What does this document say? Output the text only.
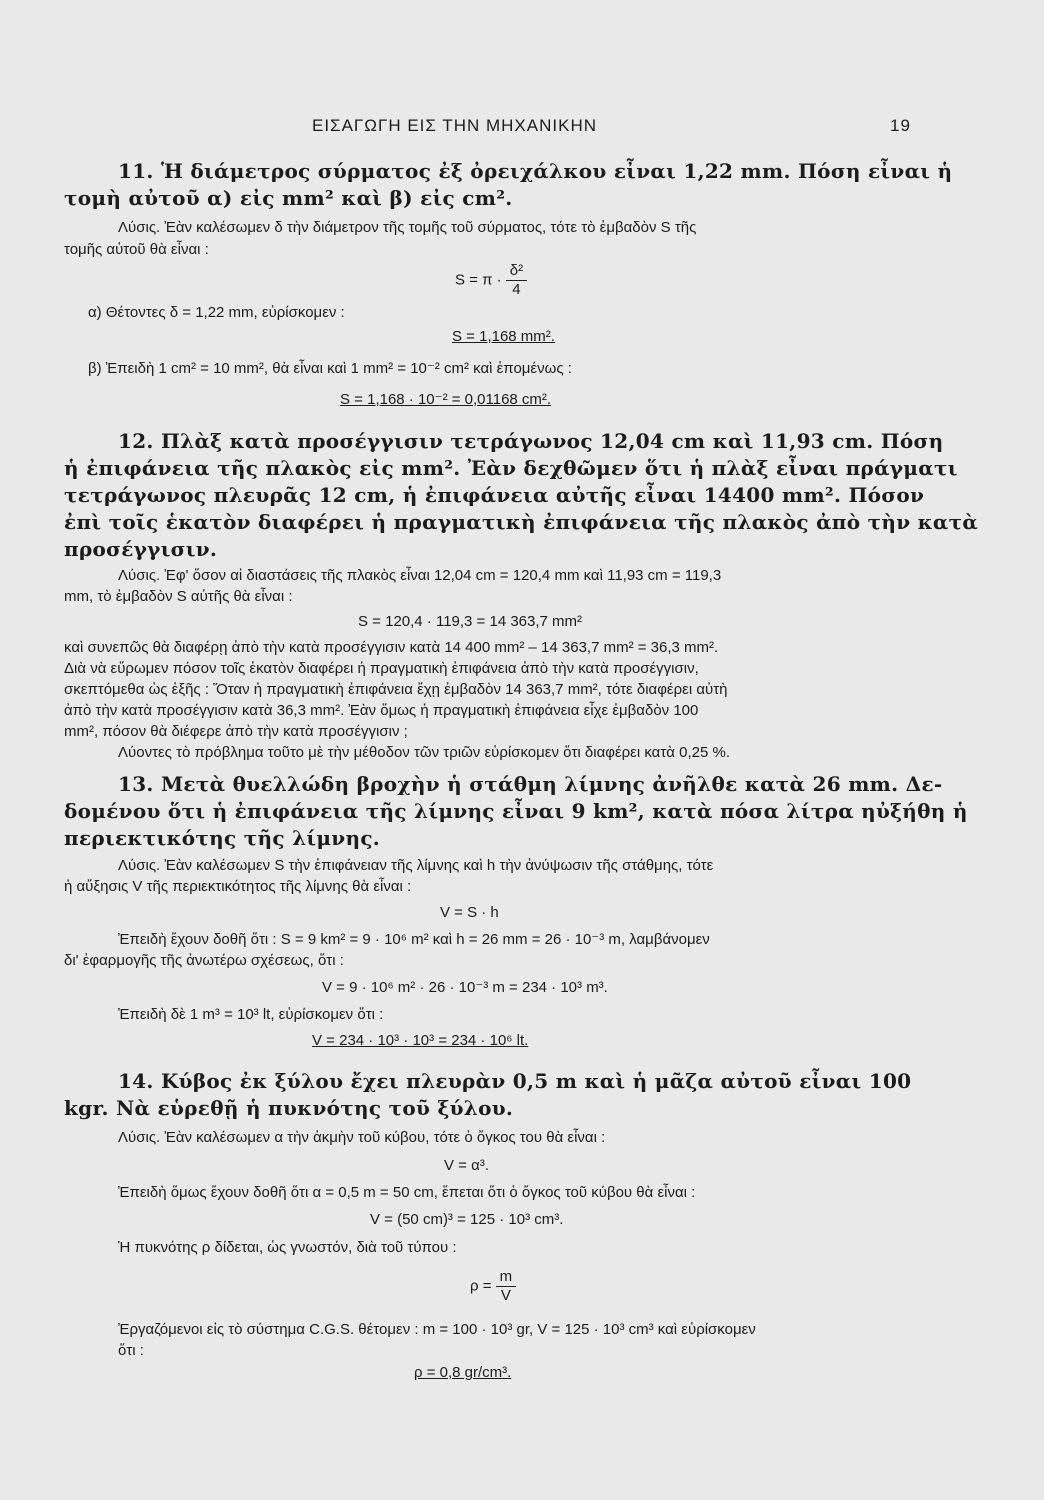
ΕΙΣΑΓΩΓΗ ΕΙΣ ΤΗΝ ΜΗΧΑΝΙΚΗΝ	19
11. Ἡ διάμετρος σύρματος ἐξ ὀρειχάλκου εἶναι 1,22 mm. Πόση εἶναι ἡ
τομὴ αὐτοῦ α) εἰς mm² καὶ β) εἰς cm².
Λύσις. Ἐὰν καλέσωμεν δ τὴν διάμετρον τῆς τομῆς τοῦ σύρματος, τότε τὸ ἐμβαδὸν S τῆς
τομῆς αὐτοῦ θὰ εἶναι :
$S = \pi \cdot \frac{\text{δ²}}{4}$
α) Θέτοντες δ = 1,22 mm, εὑρίσκομεν :
S = 1,168 mm².
β) Ἐπειδὴ 1 cm² = 10 mm², θὰ εἶναι καὶ 1 mm² = 10⁻² cm² καὶ ἑπομένως :
S = 1,168 · 10⁻² = 0,01168 cm².
12. Πλὰξ κατὰ προσέγγισιν τετράγωνος 12,04 cm καὶ 11,93 cm. Πόση
ἡ ἐπιφάνεια τῆς πλακὸς εἰς mm². Ἐὰν δεχθῶμεν ὅτι ἡ πλὰξ εἶναι πράγματι
τετράγωνος πλευρᾶς 12 cm, ἡ ἐπιφάνεια αὐτῆς εἶναι 14400 mm². Πόσον
ἐπὶ τοῖς ἑκατὸν διαφέρει ἡ πραγματικὴ ἐπιφάνεια τῆς πλακὸς ἀπὸ τὴν κατὰ
προσέγγισιν.
Λύσις. Ἐφ' ὅσον αἱ διαστάσεις τῆς πλακὸς εἶναι 12,04 cm = 120,4 mm καὶ 11,93 cm = 119,3
mm, τὸ ἐμβαδὸν S αὐτῆς θὰ εἶναι :
S = 120,4 · 119,3 = 14 363,7 mm²
καὶ συνεπῶς θὰ διαφέρῃ ἀπὸ τὴν κατὰ προσέγγισιν κατὰ 14 400 mm² – 14 363,7 mm² = 36,3 mm².
Διὰ νὰ εὕρωμεν πόσον τοῖς ἑκατὸν διαφέρει ἡ πραγματικὴ ἐπιφάνεια ἀπὸ τὴν κατὰ προσέγγισιν,
σκεπτόμεθα ὡς ἑξῆς : Ὅταν ἡ πραγματικὴ ἐπιφάνεια ἔχῃ ἐμβαδὸν 14 363,7 mm², τότε διαφέρει αὐτὴ
ἀπὸ τὴν κατὰ προσέγγισιν κατὰ 36,3 mm². Ἐὰν ὅμως ἡ πραγματικὴ ἐπιφάνεια εἶχε ἐμβαδὸν 100
mm², πόσον θὰ διέφερε ἀπὸ τὴν κατὰ προσέγγισιν ;
Λύοντες τὸ πρόβλημα τοῦτο μὲ τὴν μέθοδον τῶν τριῶν εὑρίσκομεν ὅτι διαφέρει κατὰ 0,25 %.
13. Μετὰ θυελλώδη βροχὴν ἡ στάθμη λίμνης ἀνῆλθε κατὰ 26 mm. Δε-
δομένου ὅτι ἡ ἐπιφάνεια τῆς λίμνης εἶναι 9 km², κατὰ πόσα λίτρα ηὐξήθη ἡ
περιεκτικότης τῆς λίμνης.
Λύσις. Ἐὰν καλέσωμεν S τὴν ἐπιφάνειαν τῆς λίμνης καὶ h τὴν ἀνύψωσιν τῆς στάθμης, τότε
ἡ αὔξησις V τῆς περιεκτικότητος τῆς λίμνης θὰ εἶναι :
V = S · h
Ἐπειδὴ ἔχουν δοθῆ ὅτι : S = 9 km² = 9 · 10⁶ m² καὶ h = 26 mm = 26 · 10⁻³ m, λαμβάνομεν
δι' ἐφαρμογῆς τῆς ἀνωτέρω σχέσεως, ὅτι :
V = 9 · 10⁶ m² · 26 · 10⁻³ m = 234 · 10³ m³.
Ἐπειδὴ δὲ 1 m³ = 10³ lt, εὑρίσκομεν ὅτι :
V = 234 · 10³ · 10³ = 234 · 10⁶ lt.
14. Κύβος ἐκ ξύλου ἔχει πλευρὰν 0,5 m καὶ ἡ μᾶζα αὐτοῦ εἶναι 100
kgr. Νὰ εὑρεθῇ ἡ πυκνότης τοῦ ξύλου.
Λύσις. Ἐὰν καλέσωμεν α τὴν ἀκμὴν τοῦ κύβου, τότε ὁ ὄγκος του θὰ εἶναι :
V = α³.
Ἐπειδὴ ὅμως ἔχουν δοθῆ ὅτι α = 0,5 m = 50 cm, ἕπεται ὅτι ὁ ὄγκος τοῦ κύβου θὰ εἶναι :
V = (50 cm)³ = 125 · 10³ cm³.
Ἡ πυκνότης ρ δίδεται, ὡς γνωστόν, διὰ τοῦ τύπου :
$\rho = \frac{m}{V}$
Ἐργαζόμενοι εἰς τὸ σύστημα C.G.S. θέτομεν : m = 100 · 10³ gr, V = 125 · 10³ cm³ καὶ εὑρίσκομεν
ὅτι :
ρ = 0,8 gr/cm³.
